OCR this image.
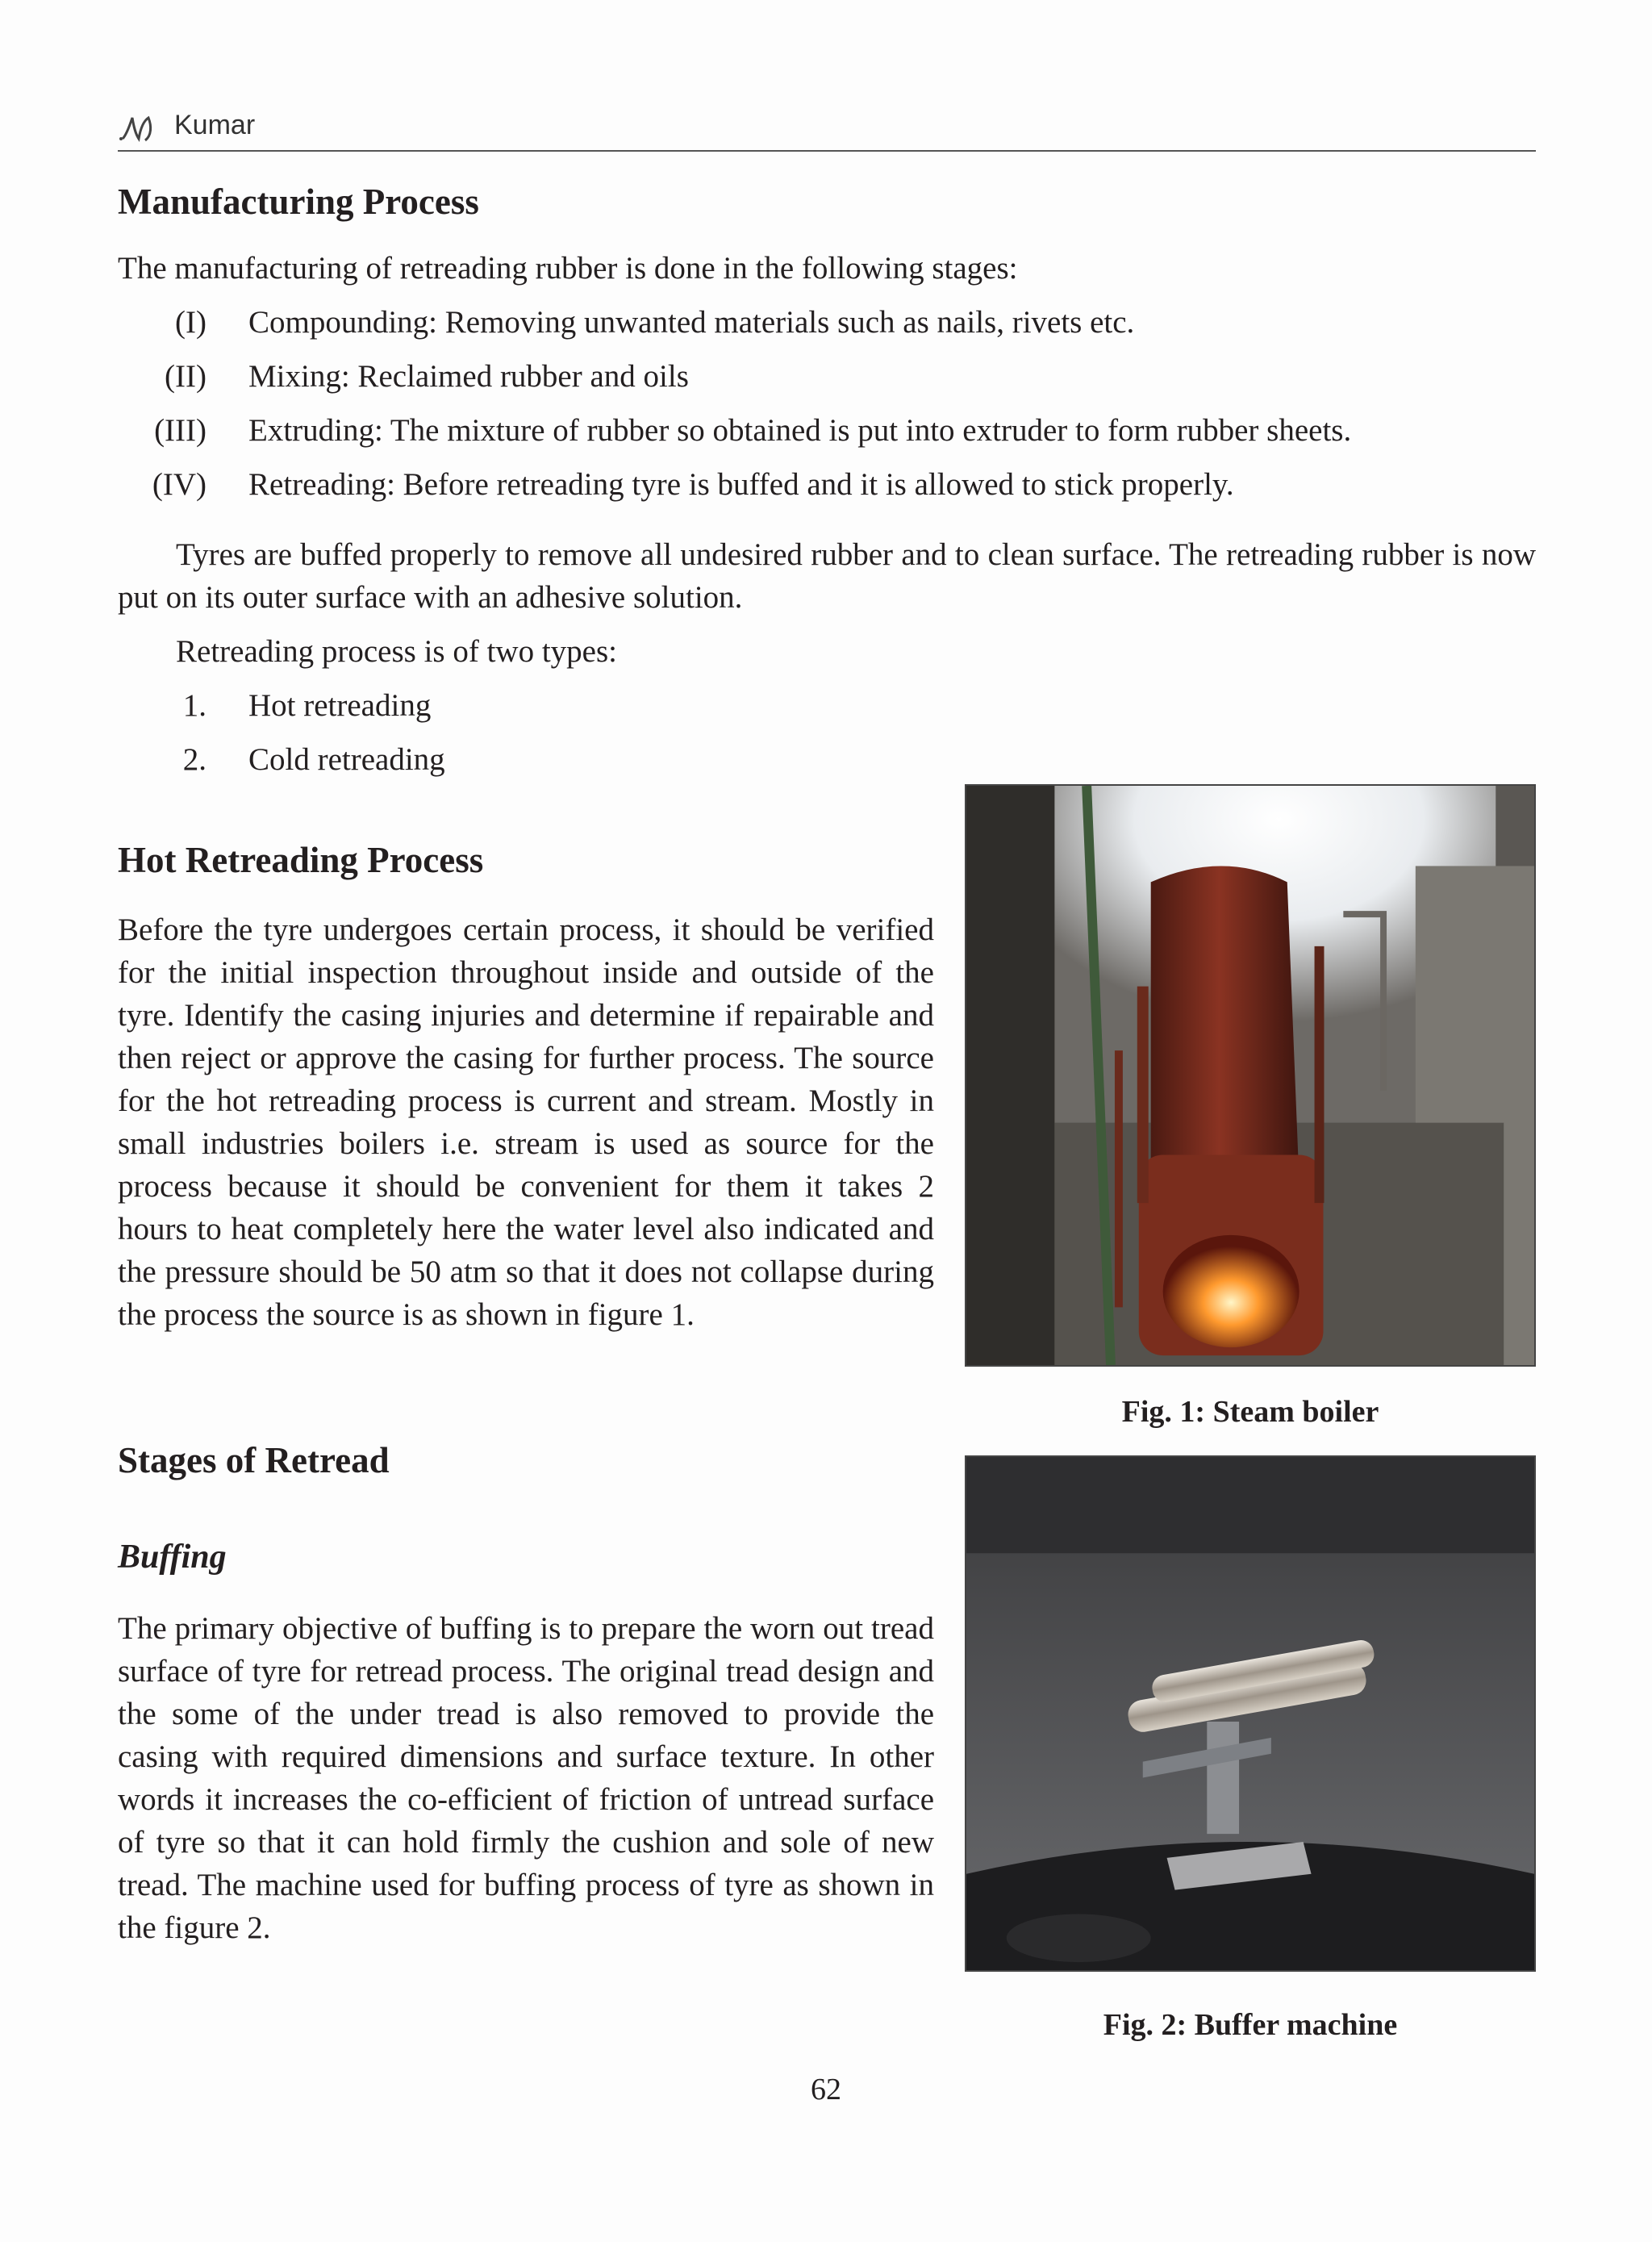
Kumar
Manufacturing Process

The manufacturing of retreading rubber is done in the following stages:

(I) Compounding: Removing unwanted materials such as nails, rivets etc.
(II) Mixing: Reclaimed rubber and oils
(III) Extruding: The mixture of rubber so obtained is put into extruder to form rubber sheets.
(IV) Retreading: Before retreading tyre is buffed and it is allowed to stick properly.

Tyres are buffed properly to remove all undesired rubber and to clean surface. The retreading rubber is now put on its outer surface with an adhesive solution.

Retreading process is of two types:

1. Hot retreading
2. Cold retreading
Hot Retreading Process

Before the tyre undergoes certain process, it should be verified for the initial inspection throughout inside and outside of the tyre. Identify the casing injuries and determine if repairable and then reject or approve the casing for further process. The source for the hot retreading process is current and stream. Mostly in small industries boilers i.e. stream is used as source for the process because it should be convenient for them it takes 2 hours to heat completely here the water level also indicated and the pressure should be 50 atm so that it does not collapse during the process the source is as shown in figure 1.

Fig. 1: Steam boiler
Stages of Retread
Buffing

The primary objective of buffing is to prepare the worn out tread surface of tyre for retread process. The original tread design and the some of the under tread is also removed to provide the casing with required dimensions and surface texture. In other words it increases the co-efficient of friction of untread surface of tyre so that it can hold firmly the cushion and sole of new tread. The machine used for buffing process of tyre as shown in the figure 2.

Fig. 2: Buffer machine
62
